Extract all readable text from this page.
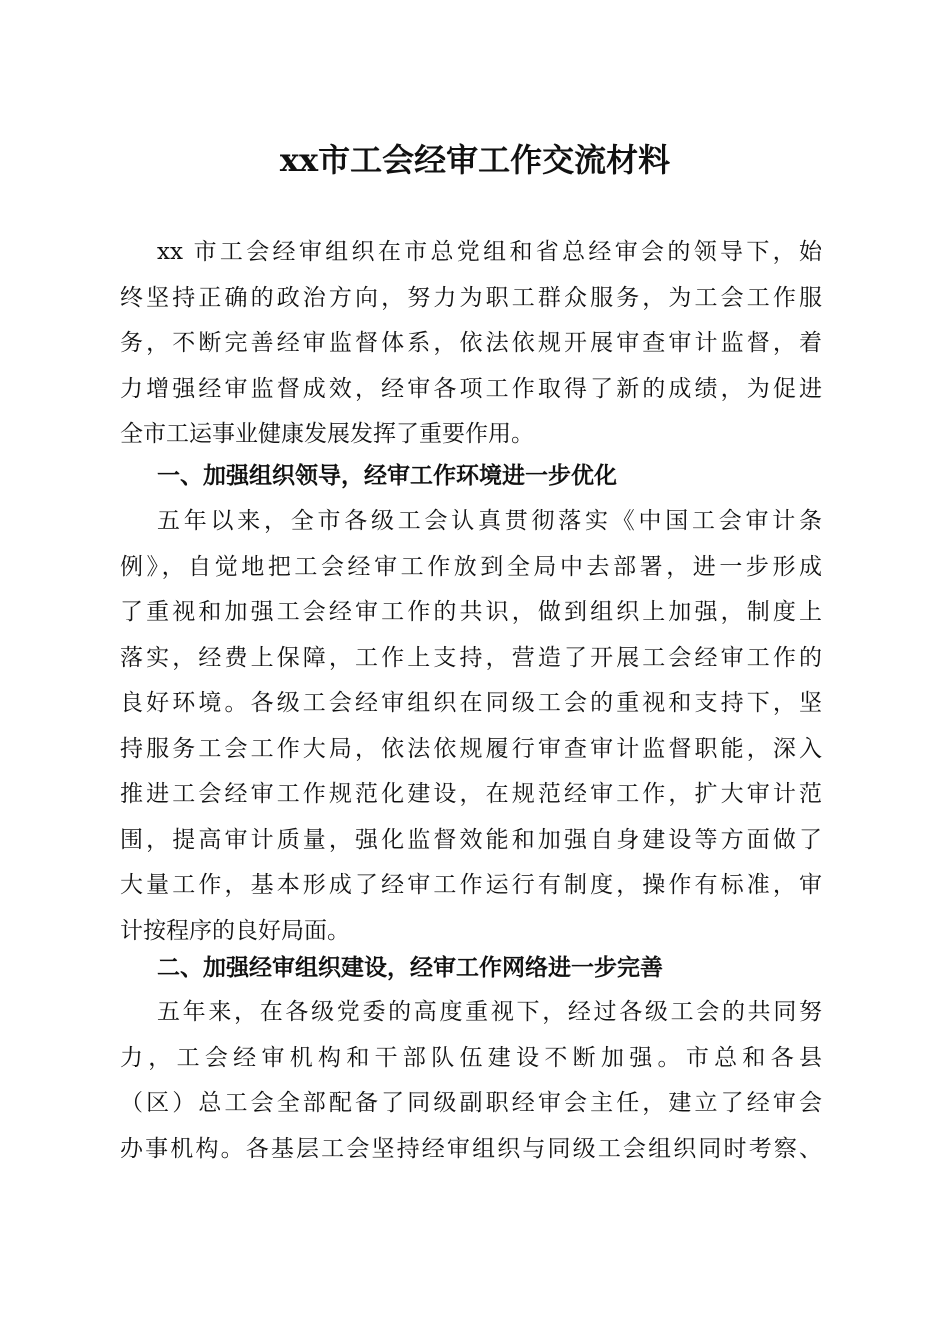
xx市工会经审工作交流材料
xx 市工会经审组织在市总党组和省总经审会的领导下，始
终坚持正确的政治方向，努力为职工群众服务，为工会工作服
务，不断完善经审监督体系，依法依规开展审查审计监督，着
力增强经审监督成效，经审各项工作取得了新的成绩，为促进
全市工运事业健康发展发挥了重要作用。
一、加强组织领导，经审工作环境进一步优化
五年以来，全市各级工会认真贯彻落实《中国工会审计条
例》，自觉地把工会经审工作放到全局中去部署，进一步形成
了重视和加强工会经审工作的共识，做到组织上加强，制度上
落实，经费上保障，工作上支持，营造了开展工会经审工作的
良好环境。各级工会经审组织在同级工会的重视和支持下，坚
持服务工会工作大局，依法依规履行审查审计监督职能，深入
推进工会经审工作规范化建设，在规范经审工作，扩大审计范
围，提高审计质量，强化监督效能和加强自身建设等方面做了
大量工作，基本形成了经审工作运行有制度，操作有标准，审
计按程序的良好局面。
二、加强经审组织建设，经审工作网络进一步完善
五年来，在各级党委的高度重视下，经过各级工会的共同努
力，工会经审机构和干部队伍建设不断加强。市总和各县
（区）总工会全部配备了同级副职经审会主任，建立了经审会
办事机构。各基层工会坚持经审组织与同级工会组织同时考察、
